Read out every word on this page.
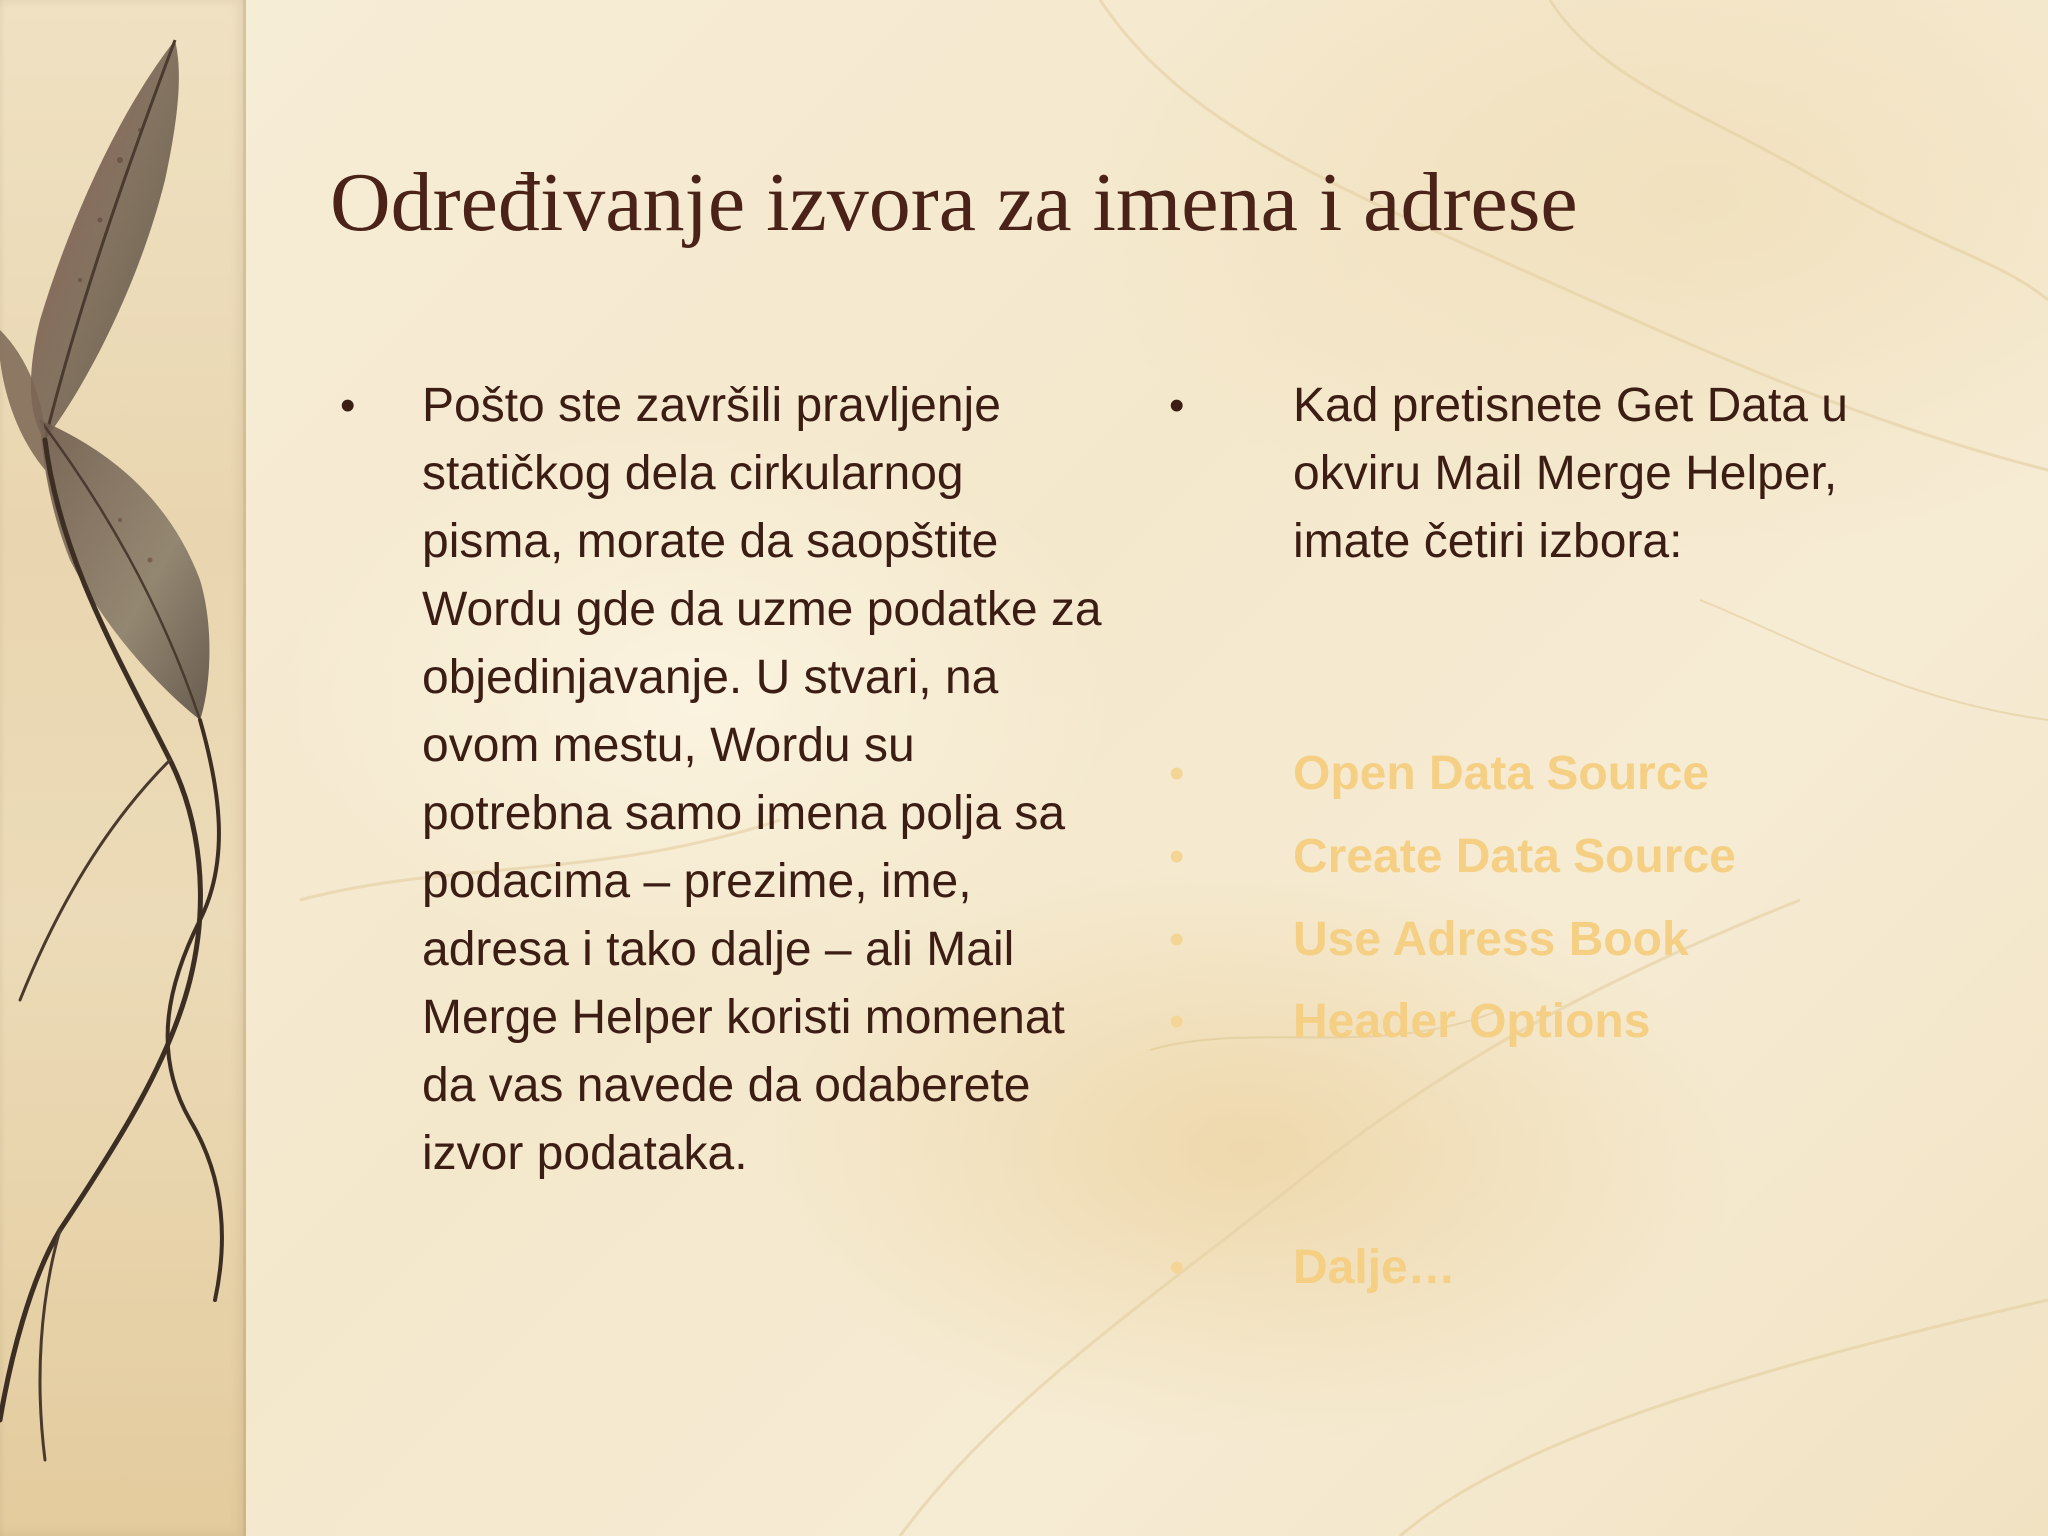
Određivanje izvora za imena i adrese
•	Pošto ste završili pravljenje statičkog dela cirkularnog pisma, morate da saopštite Wordu gde da uzme podatke za objedinjavanje. U stvari, na ovom mestu, Wordu su potrebna samo imena polja sa podacima – prezime, ime, adresa i tako dalje – ali Mail Merge Helper koristi momenat da vas navede da odaberete izvor podataka.
•	Kad pretisnete Get Data u okviru Mail Merge Helper, imate četiri izbora:
•	Open Data Source
•	Create Data Source
•	Use Adress Book
•	Header Options
•	Dalje…
